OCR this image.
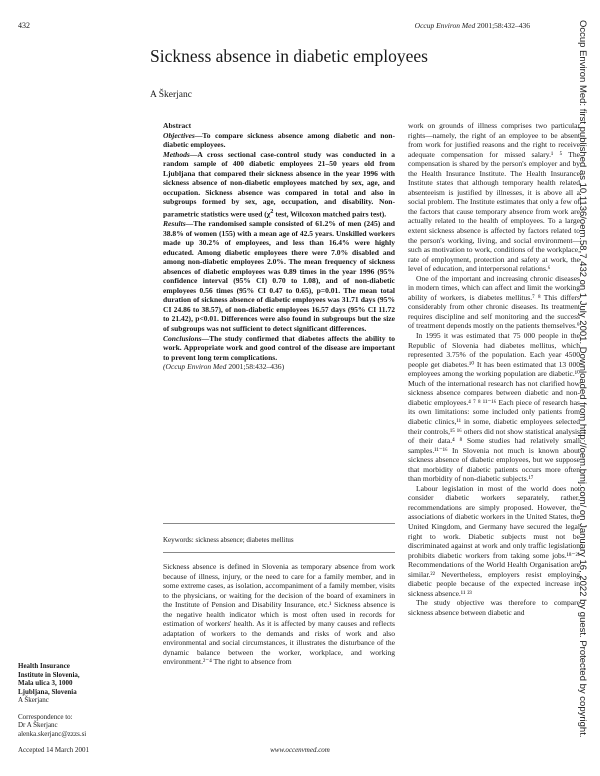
432	Occup Environ Med 2001;58:432–436
Sickness absence in diabetic employees
A Škerjanc
Abstract
Objectives—To compare sickness absence among diabetic and non-diabetic employees.
Methods—A cross sectional case-control study was conducted in a random sample of 400 diabetic employees 21–50 years old from Ljubljana that compared their sickness absence in the year 1996 with sickness absence of non-diabetic employees matched by sex, age, and occupation. Sickness absence was compared in total and also in subgroups formed by sex, age, occupation, and disability. Non-parametric statistics were used ($\chi^2$ test, Wilcoxon matched pairs test).
Results—The randomised sample consisted of 61.2% of men (245) and 38.8% of women (155) with a mean age of 42.5 years. Unskilled workers made up 30.2% of employees, and less than 16.4% were highly educated. Among diabetic employees there were 7.0% disabled and among non-diabetic employees 2.0%. The mean frequency of sickness absences of diabetic employees was 0.89 times in the year 1996 (95% confidence interval (95% CI) 0.70 to 1.08), and of non-diabetic employees 0.56 times (95% CI 0.47 to 0.65), p=0.01. The mean total duration of sickness absence of diabetic employees was 31.71 days (95% CI 24.86 to 38.57), of non-diabetic employees 16.57 days (95% CI 11.72 to 21.42), p<0.01. Differences were also found in subgroups but the size of subgroups was not sufficient to detect significant differences.
Conclusions—The study confirmed that diabetes affects the ability to work. Appropriate work and good control of the disease are important to prevent long term complications.
(Occup Environ Med 2001;58:432–436)
Keywords: sickness absence; diabetes mellitus

Sickness absence is defined in Slovenia as temporary absence from work because of illness, injury, or the need to care for a family member, and in some extreme cases, as isolation, accompaniment of a family member, visits to the physicians, or waiting for the decision of the board of examiners in the Institute of Pension and Disability Insurance, etc.¹ Sickness absence is the negative health indicator which is most often used in records for estimation of workers' health. As it is affected by many causes and reflects adaptation of workers to the demands and risks of work and also environmental and social circumstances, it illustrates the disturbance of the dynamic balance between the worker, workplace, and working environment.²⁻⁴ The right to absence from

work on grounds of illness comprises two particular rights—namely, the right of an employee to be absent from work for justified reasons and the right to receive adequate compensation for missed salary.¹ ⁵ The compensation is shared by the person's employer and by the Health Insurance Institute. The Health Insurance Institute states that although temporary health related absenteeism is justified by illnesses, it is above all a social problem. The Institute estimates that only a few of the factors that cause temporary absence from work are actually related to the health of employees. To a large extent sickness absence is affected by factors related to the person's working, living, and social environment—such as motivation to work, conditions of the workplace, rate of employment, protection and safety at work, the level of education, and interpersonal relations.⁶

One of the important and increasing chronic diseases in modern times, which can affect and limit the working ability of workers, is diabetes mellitus.⁷ ⁸ This differs considerably from other chronic diseases. Its treatment requires discipline and self monitoring and the success of treatment depends mostly on the patients themselves.⁹

In 1995 it was estimated that 75 000 people in the Republic of Slovenia had diabetes mellitus, which represented 3.75% of the population. Each year 4500 people get diabetes.¹⁰ It has been estimated that 13 000 employees among the working population are diabetic.¹⁰ Much of the international research has not clarified how sickness absence compares between diabetic and non-diabetic employees.⁴ ⁷ ⁸ ¹¹⁻¹⁶ Each piece of research has its own limitations: some included only patients from diabetic clinics,¹¹ in some, diabetic employees selected their controls,¹⁵ ¹⁶ others did not show statistical analysis of their data.⁴ ⁸ Some studies had relatively small samples.¹¹⁻¹⁶ In Slovenia not much is known about sickness absence of diabetic employees, but we suppose that morbidity of diabetic patients occurs more often than morbidity of non-diabetic subjects.¹⁷

Labour legislation in most of the world does not consider diabetic workers separately, rather, recommendations are simply proposed. However, the associations of diabetic workers in the United States, the United Kingdom, and Germany have secured the legal right to work. Diabetic subjects must not be discriminated against at work and only traffic legislation prohibits diabetic workers from taking some jobs.¹⁸⁻²¹ Recommendations of the World Health Organisation are similar.²² Nevertheless, employers resist employing diabetic people because of the expected increase in sickness absence.¹¹ ²³

The study objective was therefore to compare sickness absence between diabetic and

Health Insurance
Institute in Slovenia,
Mala ulica 3, 1000
Ljubljana, Slovenia
A Škerjanc
Correspondence to:
Dr A Škerjanc
alenka.skerjanc@zzzs.si
Accepted 14 March 2001	www.occenvmed.com
Occup Environ Med: first published as 10.1136/oem.58.7.432 on 1 July 2001. Downloaded from http://oem.bmj.com/ on January 16, 2022 by guest. Protected by copyright.
